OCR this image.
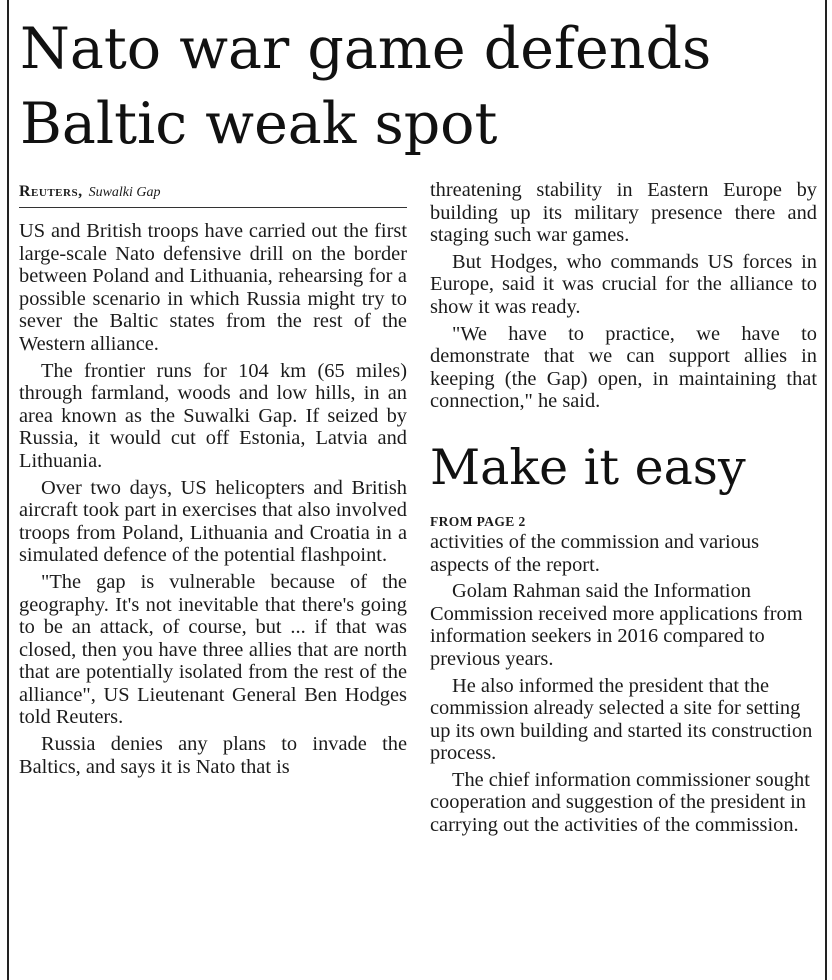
Nato war game defends Baltic weak spot
Reuters, Suwalki Gap

US and British troops have carried out the first large-scale Nato defensive drill on the border between Poland and Lithuania, rehearsing for a possible scenario in which Russia might try to sever the Baltic states from the rest of the Western alliance.

The frontier runs for 104 km (65 miles) through farmland, woods and low hills, in an area known as the Suwalki Gap. If seized by Russia, it would cut off Estonia, Latvia and Lithuania.

Over two days, US helicopters and British aircraft took part in exercises that also involved troops from Poland, Lithuania and Croatia in a simulated defence of the potential flashpoint.

"The gap is vulnerable because of the geography. It's not inevitable that there's going to be an attack, of course, but ... if that was closed, then you have three allies that are north that are potentially isolated from the rest of the alliance", US Lieutenant General Ben Hodges told Reuters.

Russia denies any plans to invade the Baltics, and says it is Nato that is

threatening stability in Eastern Europe by building up its military presence there and staging such war games.

But Hodges, who commands US forces in Europe, said it was crucial for the alliance to show it was ready.

"We have to practice, we have to demonstrate that we can support allies in keeping (the Gap) open, in maintaining that connection," he said.

Make it easy
FROM PAGE 2

activities of the commission and various aspects of the report.

Golam Rahman said the Information Commission received more applications from information seekers in 2016 compared to previous years.

He also informed the president that the commission already selected a site for setting up its own building and started its construction process.

The chief information commissioner sought cooperation and suggestion of the president in carrying out the activities of the commission.
